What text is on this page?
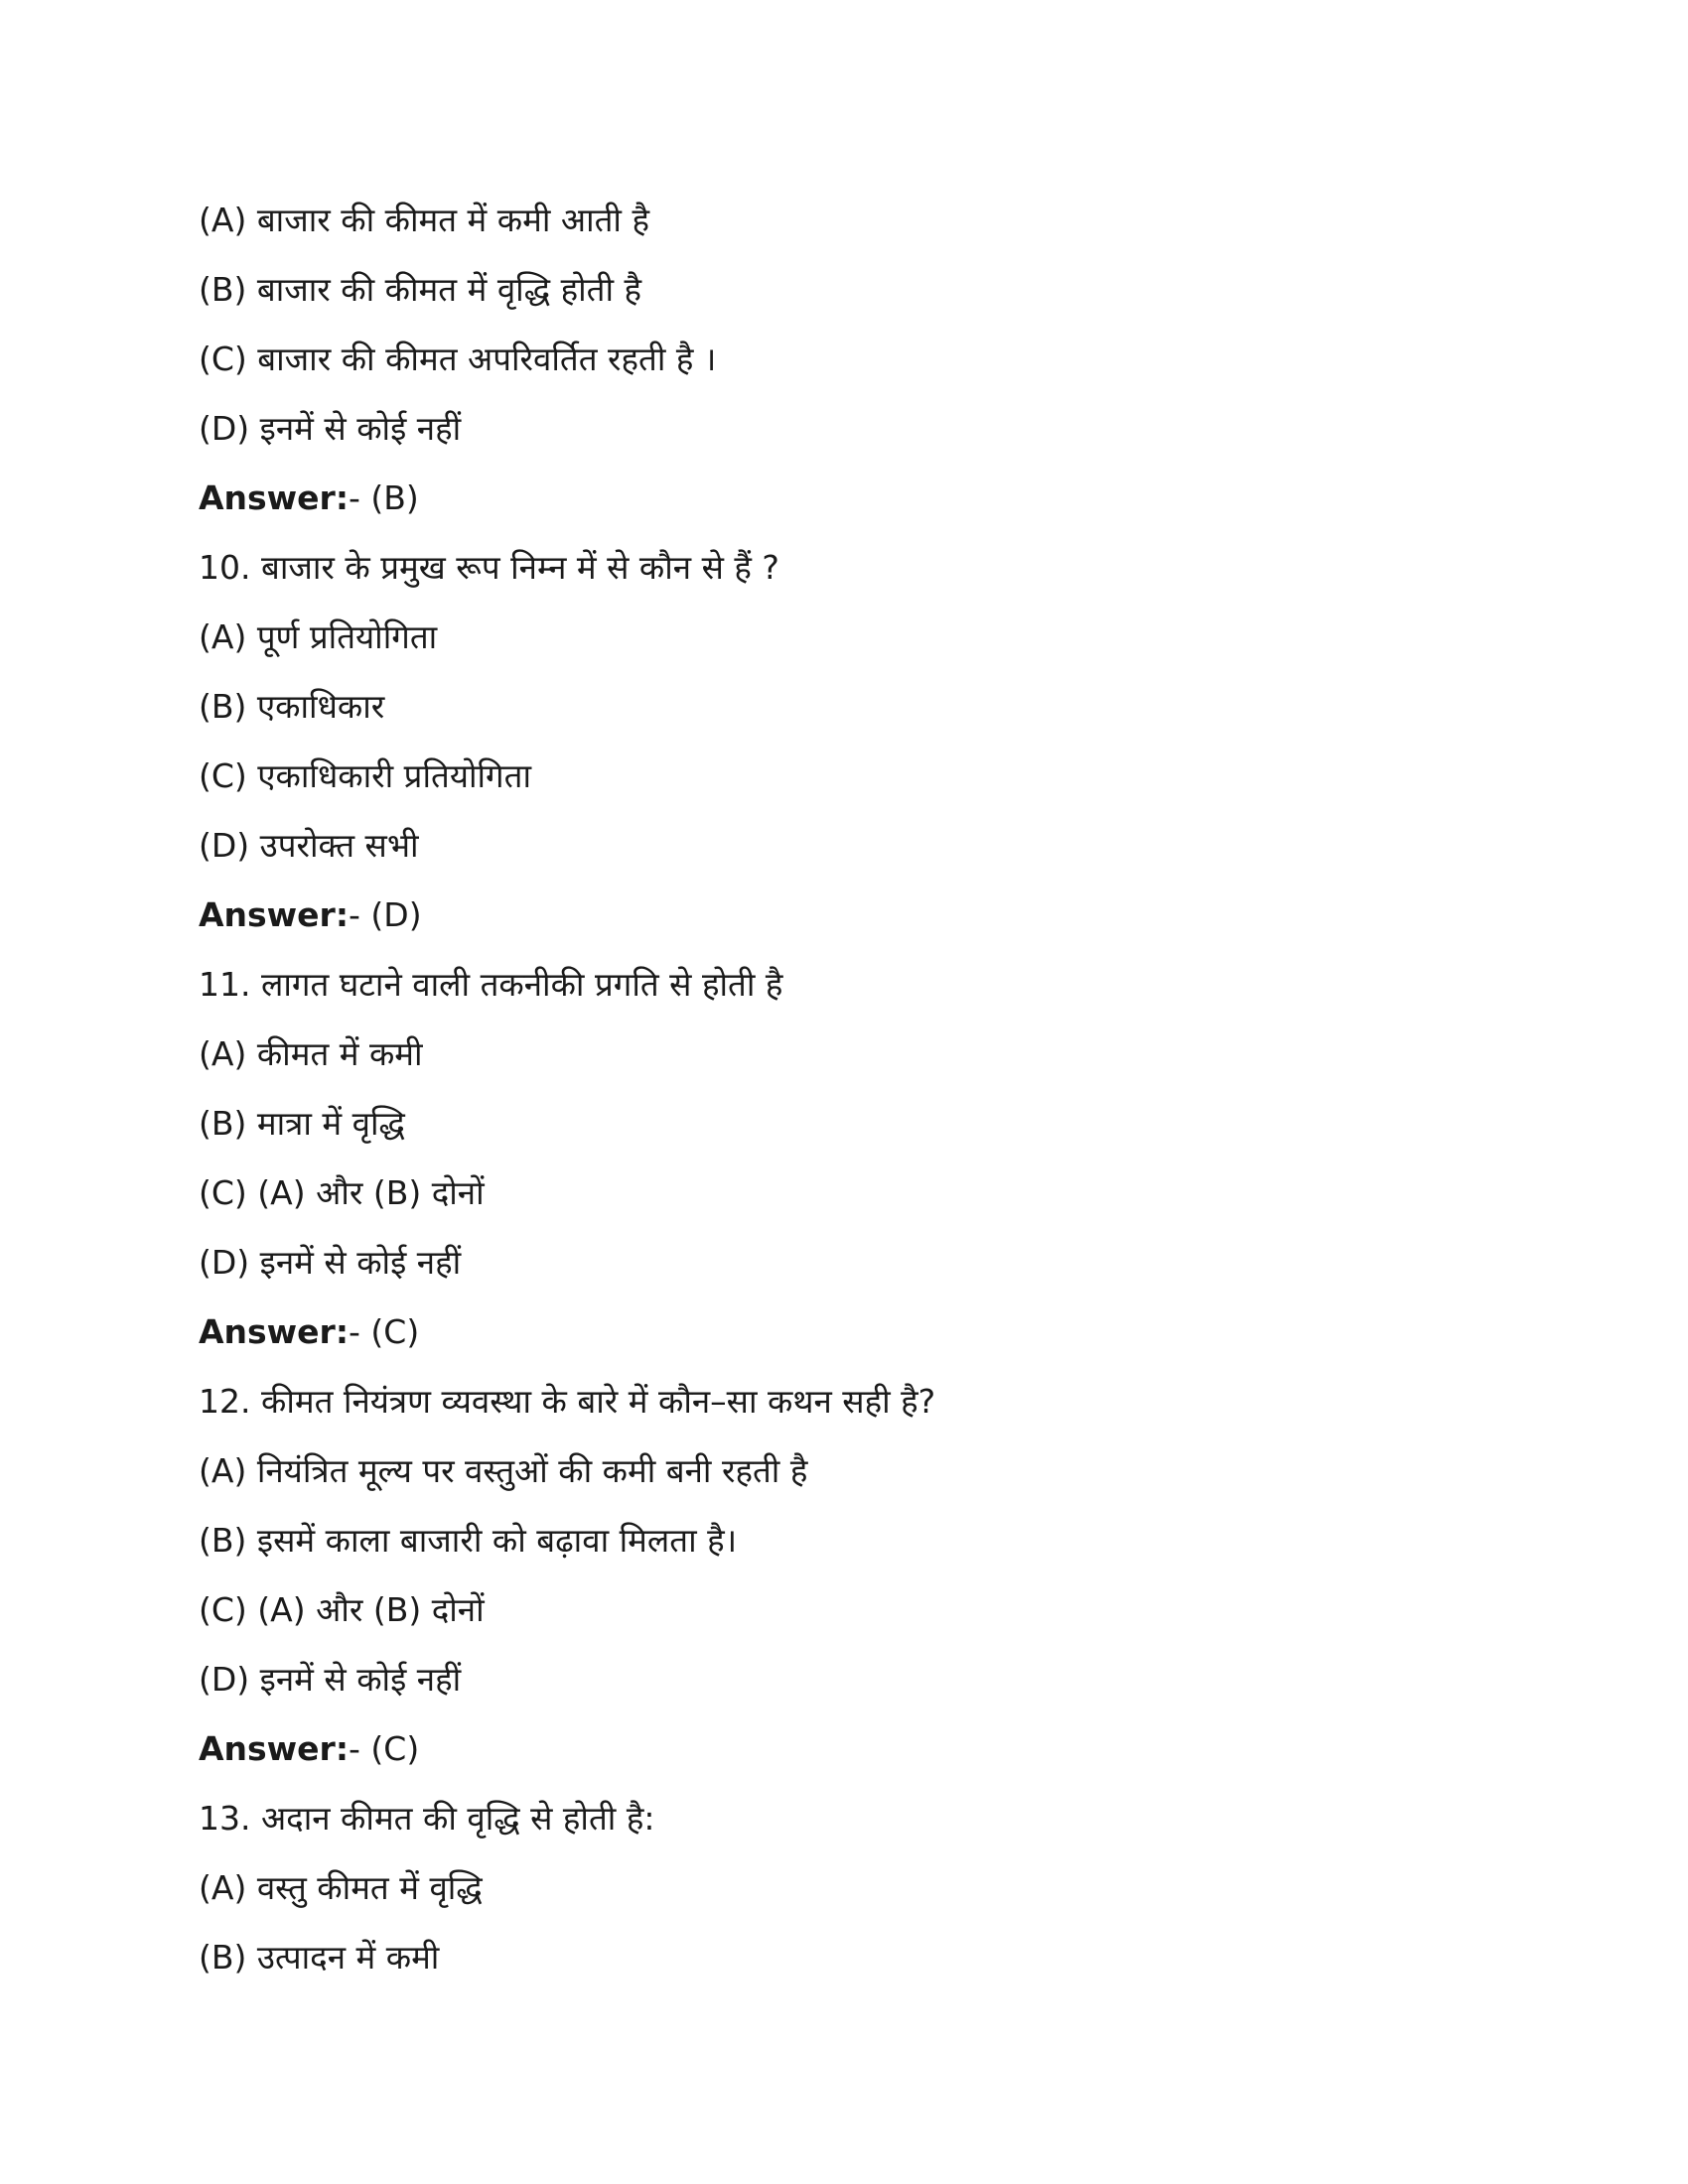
(A) बाजार की कीमत में कमी आती है
(B) बाजार की कीमत में वृद्धि होती है
(C) बाजार की कीमत अपरिवर्तित रहती है ।
(D) इनमें से कोई नहीं
Answer:- (B)
10. बाजार के प्रमुख रूप निम्न में से कौन से हैं ?
(A) पूर्ण प्रतियोगिता
(B) एकाधिकार
(C) एकाधिकारी प्रतियोगिता
(D) उपरोक्त सभी
Answer:- (D)
11. लागत घटाने वाली तकनीकी प्रगति से होती है
(A) कीमत में कमी
(B) मात्रा में वृद्धि
(C) (A) और (B) दोनों
(D) इनमें से कोई नहीं
Answer:- (C)
12. कीमत नियंत्रण व्यवस्था के बारे में कौन–सा कथन सही है?
(A) नियंत्रित मूल्य पर वस्तुओं की कमी बनी रहती है
(B) इसमें काला बाजारी को बढ़ावा मिलता है।
(C) (A) और (B) दोनों
(D) इनमें से कोई नहीं
Answer:- (C)
13. अदान कीमत की वृद्धि से होती है:
(A) वस्तु कीमत में वृद्धि
(B) उत्पादन में कमी
